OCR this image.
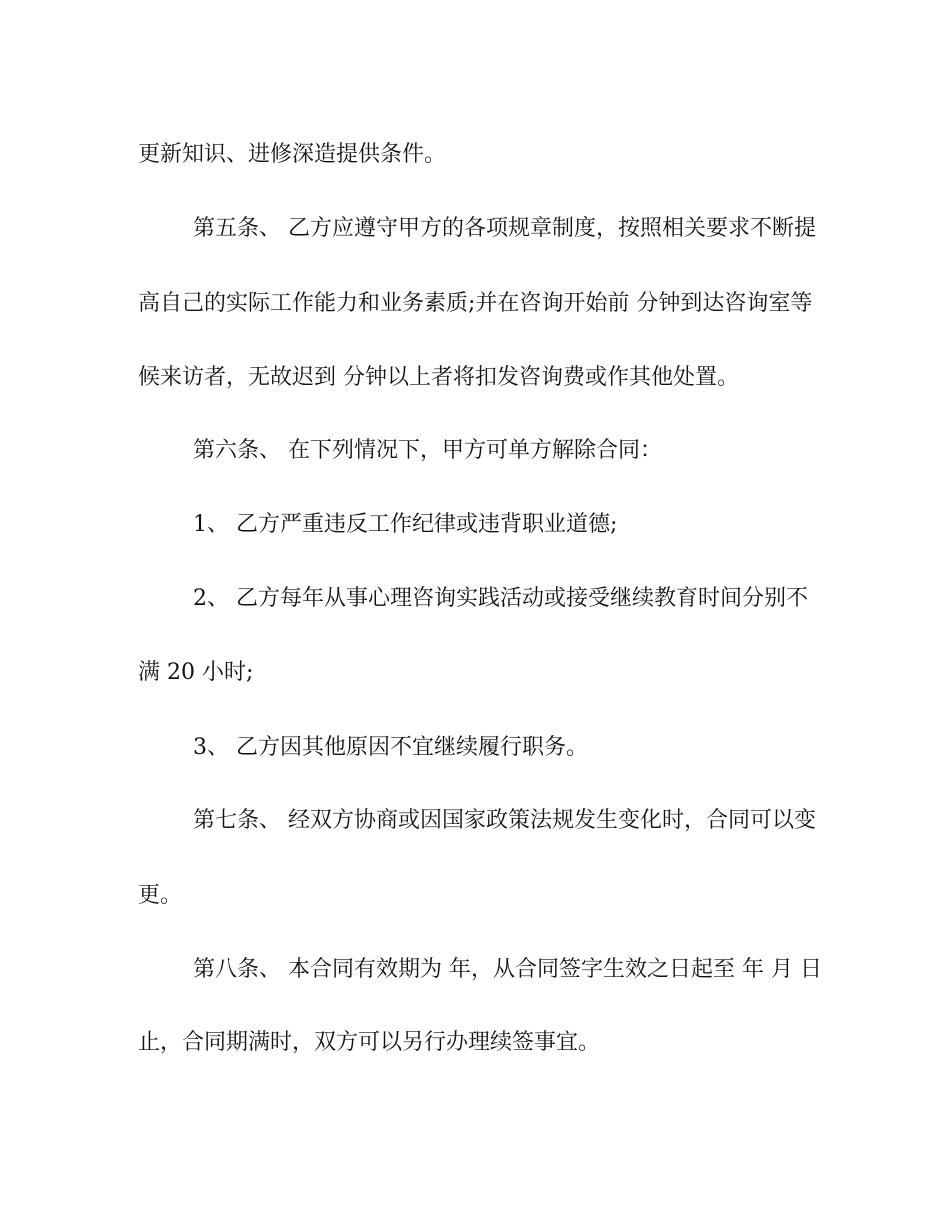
更新知识、进修深造提供条件。
第五条、 乙方应遵守甲方的各项规章制度，按照相关要求不断提
高自己的实际工作能力和业务素质;并在咨询开始前 分钟到达咨询室等
候来访者，无故迟到 分钟以上者将扣发咨询费或作其他处置。
第六条、 在下列情况下，甲方可单方解除合同：
1、 乙方严重违反工作纪律或违背职业道德;
2、 乙方每年从事心理咨询实践活动或接受继续教育时间分别不
满 20 小时;
3、 乙方因其他原因不宜继续履行职务。
第七条、 经双方协商或因国家政策法规发生变化时，合同可以变
更。
第八条、 本合同有效期为 年，从合同签字生效之日起至 年 月 日
止，合同期满时，双方可以另行办理续签事宜。
